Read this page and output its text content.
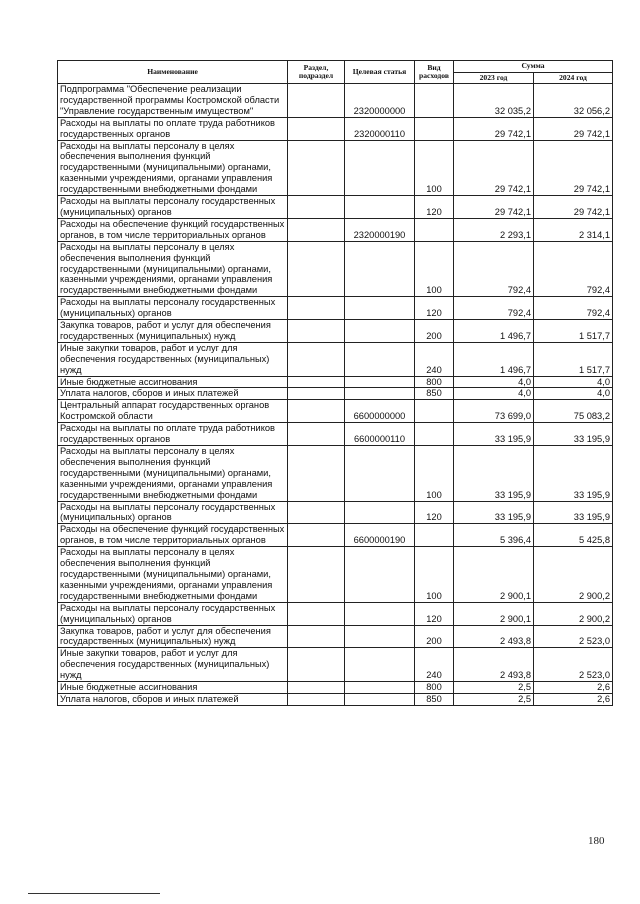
Наименование	Раздел, подраздел	Целевая статья	Вид расходов	Сумма	
				2023 год	2024 год
Подпрограмма "Обеспечение реализации государственной программы Костромской области "Управление государственным имуществом"		2320000000		32 035,2	32 056,2
Расходы на выплаты по оплате труда работников государственных органов		2320000110		29 742,1	29 742,1
Расходы на выплаты персоналу в целях обеспечения выполнения функций государственными (муниципальными) органами, казенными учреждениями, органами управления государственными внебюджетными фондами			100	29 742,1	29 742,1
Расходы на выплаты персоналу государственных (муниципальных) органов			120	29 742,1	29 742,1
Расходы на обеспечение функций государственных органов, в том числе территориальных органов		2320000190		2 293,1	2 314,1
Расходы на выплаты персоналу в целях обеспечения выполнения функций государственными (муниципальными) органами, казенными учреждениями, органами управления государственными внебюджетными фондами			100	792,4	792,4
Расходы на выплаты персоналу государственных (муниципальных) органов			120	792,4	792,4
Закупка товаров, работ и услуг для обеспечения государственных (муниципальных) нужд			200	1 496,7	1 517,7
Иные закупки товаров, работ и услуг для обеспечения государственных (муниципальных) нужд			240	1 496,7	1 517,7
Иные бюджетные ассигнования			800	4,0	4,0
Уплата налогов, сборов и иных платежей			850	4,0	4,0
Центральный аппарат государственных органов Костромской области		6600000000		73 699,0	75 083,2
Расходы на выплаты по оплате труда работников государственных органов		6600000110		33 195,9	33 195,9
Расходы на выплаты персоналу в целях обеспечения выполнения функций государственными (муниципальными) органами, казенными учреждениями, органами управления государственными внебюджетными фондами			100	33 195,9	33 195,9
Расходы на выплаты персоналу государственных (муниципальных) органов			120	33 195,9	33 195,9
Расходы на обеспечение функций государственных органов, в том числе территориальных органов		6600000190		5 396,4	5 425,8
Расходы на выплаты персоналу в целях обеспечения выполнения функций государственными (муниципальными) органами, казенными учреждениями, органами управления государственными внебюджетными фондами			100	2 900,1	2 900,2
Расходы на выплаты персоналу государственных (муниципальных) органов			120	2 900,1	2 900,2
Закупка товаров, работ и услуг для обеспечения государственных (муниципальных) нужд			200	2 493,8	2 523,0
Иные закупки товаров, работ и услуг для обеспечения государственных (муниципальных) нужд			240	2 493,8	2 523,0
Иные бюджетные ассигнования			800	2,5	2,6
Уплата налогов, сборов и иных платежей			850	2,5	2,6
180
